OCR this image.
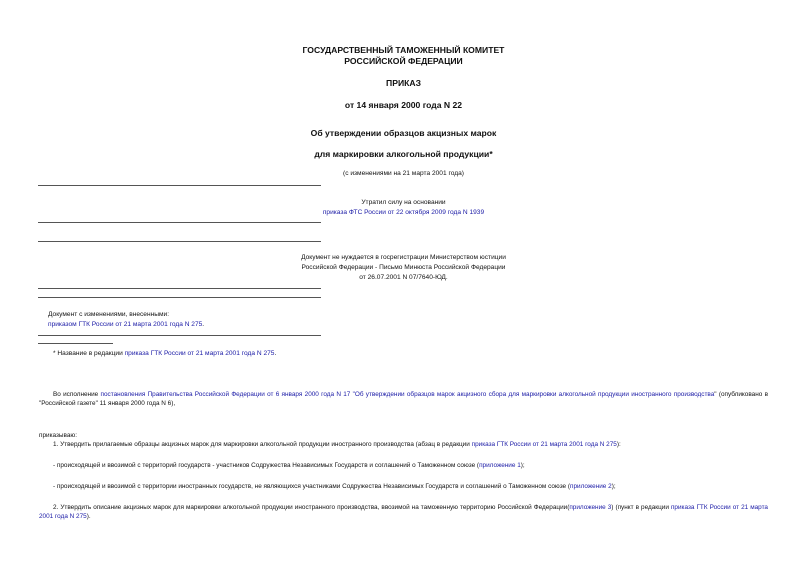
ГОСУДАРСТВЕННЫЙ ТАМОЖЕННЫЙ КОМИТЕТ
РОССИЙСКОЙ ФЕДЕРАЦИИ
ПРИКАЗ
от 14 января 2000 года N 22
Об утверждении образцов акцизных марок
для маркировки алкогольной продукции*
(с изменениями на 21 марта 2001 года)
Утратил силу на основании
приказа ФТС России от 22 октября 2009 года N 1939
Документ не нуждается в госрегистрации Министерством юстиции
Российской Федерации - Письмо Минюста Российской Федерации
от 26.07.2001 N 07/7640-ЮД.
Документ с изменениями, внесенными:
приказом ГТК России от 21 марта 2001 года N 275.
* Название в редакции приказа ГТК России от 21 марта 2001 года N 275.
Во исполнение постановления Правительства Российской Федерации от 6 января 2000 года N 17 "Об утверждении образцов марок акцизного сбора для маркировки алкогольной продукции иностранного производства" (опубликовано в "Российской газете" 11 января 2000 года N 6),
приказываю:
1. Утвердить прилагаемые образцы акцизных марок для маркировки алкогольной продукции иностранного производства (абзац в редакции приказа ГТК России от 21 марта 2001 года N 275):
- происходящей и ввозимой с территорий государств - участников Содружества Независимых Государств и соглашений о Таможенном союзе (приложение 1);
- происходящей и ввозимой с территории иностранных государств, не являющихся участниками Содружества Независимых Государств и соглашений о Таможенном союзе (приложение 2);
2. Утвердить описание акцизных марок для маркировки алкогольной продукции иностранного производства, ввозимой на таможенную территорию Российской Федерации(приложение 3) (пункт в редакции приказа ГТК России от 21 марта 2001 года N 275).
